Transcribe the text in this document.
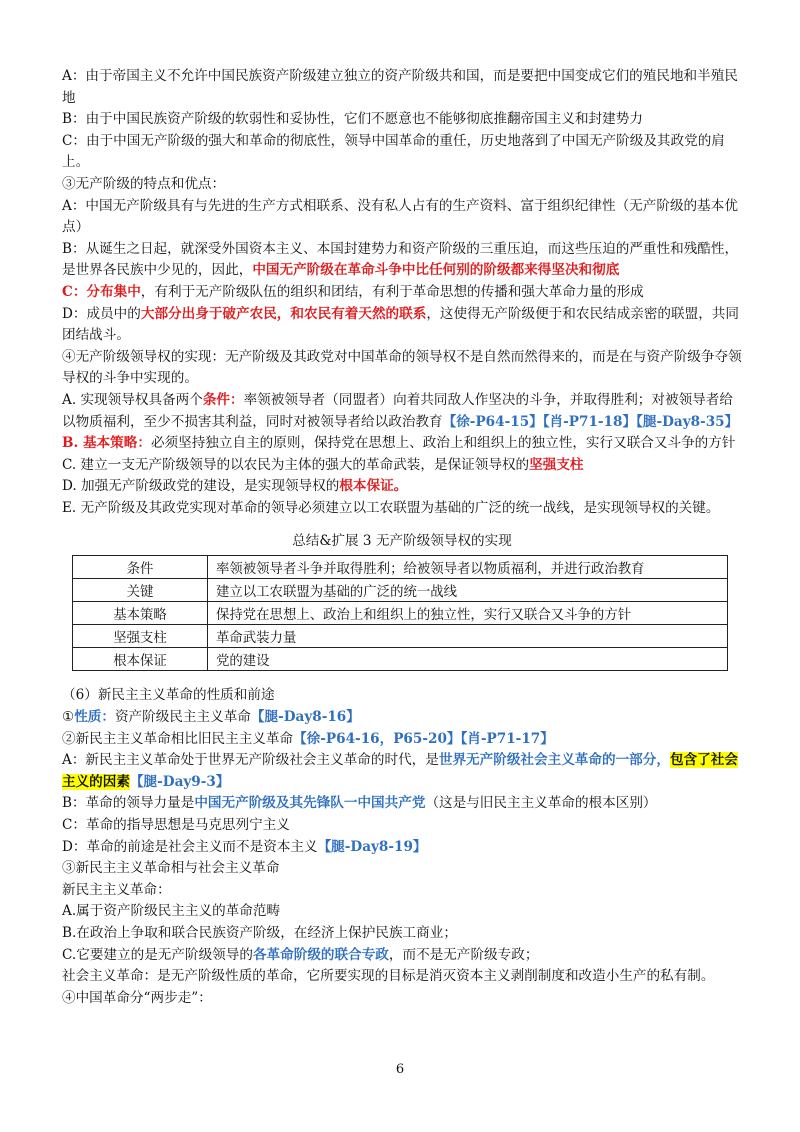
A：由于帝国主义不允许中国民族资产阶级建立独立的资产阶级共和国，而是要把中国变成它们的殖民地和半殖民地

B：由于中国民族资产阶级的软弱性和妥协性，它们不愿意也不能够彻底推翻帝国主义和封建势力

C：由于中国无产阶级的强大和革命的彻底性，领导中国革命的重任，历史地落到了中国无产阶级及其政党的肩上。

③无产阶级的特点和优点：

A：中国无产阶级具有与先进的生产方式相联系、没有私人占有的生产资料、富于组织纪律性（无产阶级的基本优点）

B：从诞生之日起，就深受外国资本主义、本国封建势力和资产阶级的三重压迫，而这些压迫的严重性和残酷性，是世界各民族中少见的，因此，中国无产阶级在革命斗争中比任何别的阶级都来得坚决和彻底

C：分布集中，有利于无产阶级队伍的组织和团结，有利于革命思想的传播和强大革命力量的形成

D：成员中的大部分出身于破产农民，和农民有着天然的联系，这使得无产阶级便于和农民结成亲密的联盟，共同团结战斗。

④无产阶级领导权的实现：无产阶级及其政党对中国革命的领导权不是自然而然得来的，而是在与资产阶级争夺领导权的斗争中实现的。

A. 实现领导权具备两个条件：率领被领导者（同盟者）向着共同敌人作坚决的斗争，并取得胜利；对被领导者给以物质福利，至少不损害其利益，同时对被领导者给以政治教育【徐-P64-15】【肖-P71-18】【腿-Day8-35】

B. 基本策略：必须坚持独立自主的原则，保持党在思想上、政治上和组织上的独立性，实行又联合又斗争的方针

C. 建立一支无产阶级领导的以农民为主体的强大的革命武装，是保证领导权的坚强支柱

D. 加强无产阶级政党的建设，是实现领导权的根本保证。

E. 无产阶级及其政党实现对革命的领导必须建立以工农联盟为基础的广泛的统一战线，是实现领导权的关键。

总结&扩展 3 无产阶级领导权的实现
条件	率领被领导者斗争并取得胜利；给被领导者以物质福利，并进行政治教育
关键	建立以工农联盟为基础的广泛的统一战线
基本策略	保持党在思想上、政治上和组织上的独立性，实行又联合又斗争的方针
坚强支柱	革命武装力量
根本保证	党的建设

（6）新民主主义革命的性质和前途

①性质：资产阶级民主主义革命【腿-Day8-16】

②新民主主义革命相比旧民主主义革命【徐-P64-16，P65-20】【肖-P71-17】

A：新民主主义革命处于世界无产阶级社会主义革命的时代，是世界无产阶级社会主义革命的一部分，包含了社会主义的因素【腿-Day9-3】

B：革命的领导力量是中国无产阶级及其先锋队一中国共产党（这是与旧民主主义革命的根本区别）

C：革命的指导思想是马克思列宁主义

D：革命的前途是社会主义而不是资本主义【腿-Day8-19】

③新民主主义革命相与社会主义革命

新民主主义革命：

A.属于资产阶级民主主义的革命范畴

B.在政治上争取和联合民族资产阶级，在经济上保护民族工商业；

C.它要建立的是无产阶级领导的各革命阶级的联合专政，而不是无产阶级专政；

社会主义革命：是无产阶级性质的革命，它所要实现的目标是消灭资本主义剥削制度和改造小生产的私有制。

④中国革命分“两步走”：

6
